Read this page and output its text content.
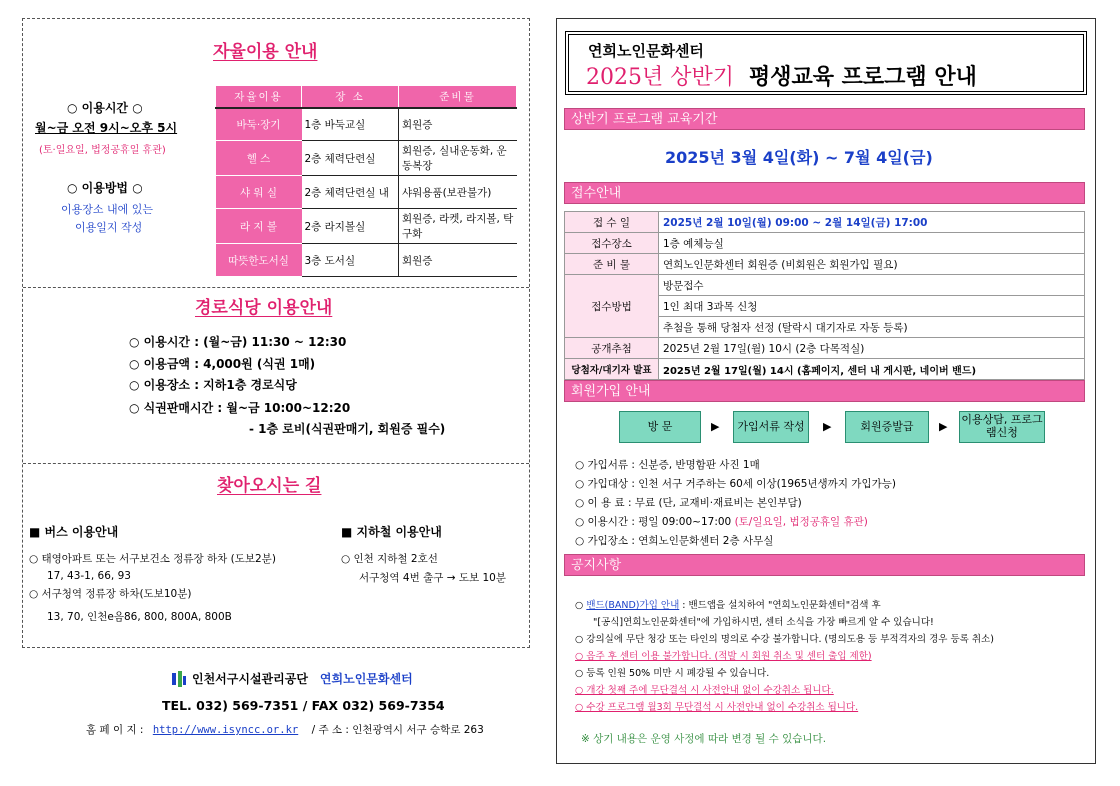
자율이용 안내
○ 이용시간 ○
월~금 오전 9시~오후 5시
(토·일요일, 법정공휴일 휴관)
○ 이용방법 ○
이용장소 내에 있는
이용일지 작성
자율이용	장 소	준비물
바둑·장기	1층 바둑교실	회원증
헬 스	2층 체력단련실	회원증, 실내운동화, 운동복장
샤 워 실	2층 체력단련실 내	샤워용품(보관불가)
라 지 볼	2층 라지볼실	회원증, 라켓, 라지볼, 탁구화
따뜻한도서실	3층 도서실	회원증
경로식당 이용안내
○ 이용시간 : (월~금) 11:30 ~ 12:30
○ 이용금액 : 4,000원 (식권 1매)
○ 이용장소 : 지하1층 경로식당
○ 식권판매시간 : 월~금 10:00~12:20
- 1층 로비(식권판매기, 회원증 필수)
찾아오시는 길
■ 버스 이용안내
○ 태영아파트 또는 서구보건소 정류장 하차 (도보2분)
17, 43-1, 66, 93
○ 서구청역 정류장 하차(도보10분)
13, 70, 인천e음86, 800, 800A, 800B
■ 지하철 이용안내
○ 인천 지하철 2호선
서구청역 4번 출구 → 도보 10분
인천서구시설관리공단 연희노인문화센터
TEL. 032) 569-7351 / FAX 032) 569-7354
홈 페 이 지 : http://www.isyncc.or.kr / 주 소 : 인천광역시 서구 승학로 263
연희노인문화센터
2025년 상반기 평생교육 프로그램 안내
상반기 프로그램 교육기간
2025년 3월 4일(화) ~ 7월 4일(금)
접수안내
접 수 일	2025년 2월 10일(월) 09:00 ~ 2월 14일(금) 17:00
접수장소	1층 예체능실
준 비 물	연희노인문화센터 회원증 (비회원은 회원가입 필요)
접수방법	방문접수
	1인 최대 3과목 신청
	추첨을 통해 당첨자 선정 (탈락시 대기자로 자동 등록)
공개추첨	2025년 2월 17일(월) 10시 (2층 다목적실)
당첨자/대기자 발표	2025년 2월 17일(월) 14시 (홈페이지, 센터 내 게시판, 네이버 밴드)
회원가입 안내
방 문	▶	가입서류 작성	▶	회원증발급	▶
이용상담, 프로그램신청
○ 가입서류 : 신분증, 반명함판 사진 1매
○ 가입대상 : 인천 서구 거주하는 60세 이상(1965년생까지 가입가능)
○ 이 용 료 : 무료 (단, 교재비·재료비는 본인부담)
○ 이용시간 : 평일 09:00~17:00 (토/일요일, 법정공휴일 휴관)
○ 가입장소 : 연희노인문화센터 2층 사무실
공지사항
○ 밴드(BAND)가입 안내 : 밴드앱을 설치하여 "연희노인문화센터"검색 후
"[공식]연희노인문화센터"에 가입하시면, 센터 소식을 가장 빠르게 알 수 있습니다!
○ 강의실에 무단 청강 또는 타인의 명의로 수강 불가합니다. (명의도용 등 부적격자의 경우 등록 취소)
○ 음주 후 센터 이용 불가합니다. (적발 시 회원 취소 및 센터 출입 제한)
○ 등록 인원 50% 미만 시 폐강될 수 있습니다.
○ 개강 첫째 주에 무단결석 시 사전안내 없이 수강취소 됩니다.
○ 수강 프로그램 월3회 무단결석 시 사전안내 없이 수강취소 됩니다.
※ 상기 내용은 운영 사정에 따라 변경 될 수 있습니다.
